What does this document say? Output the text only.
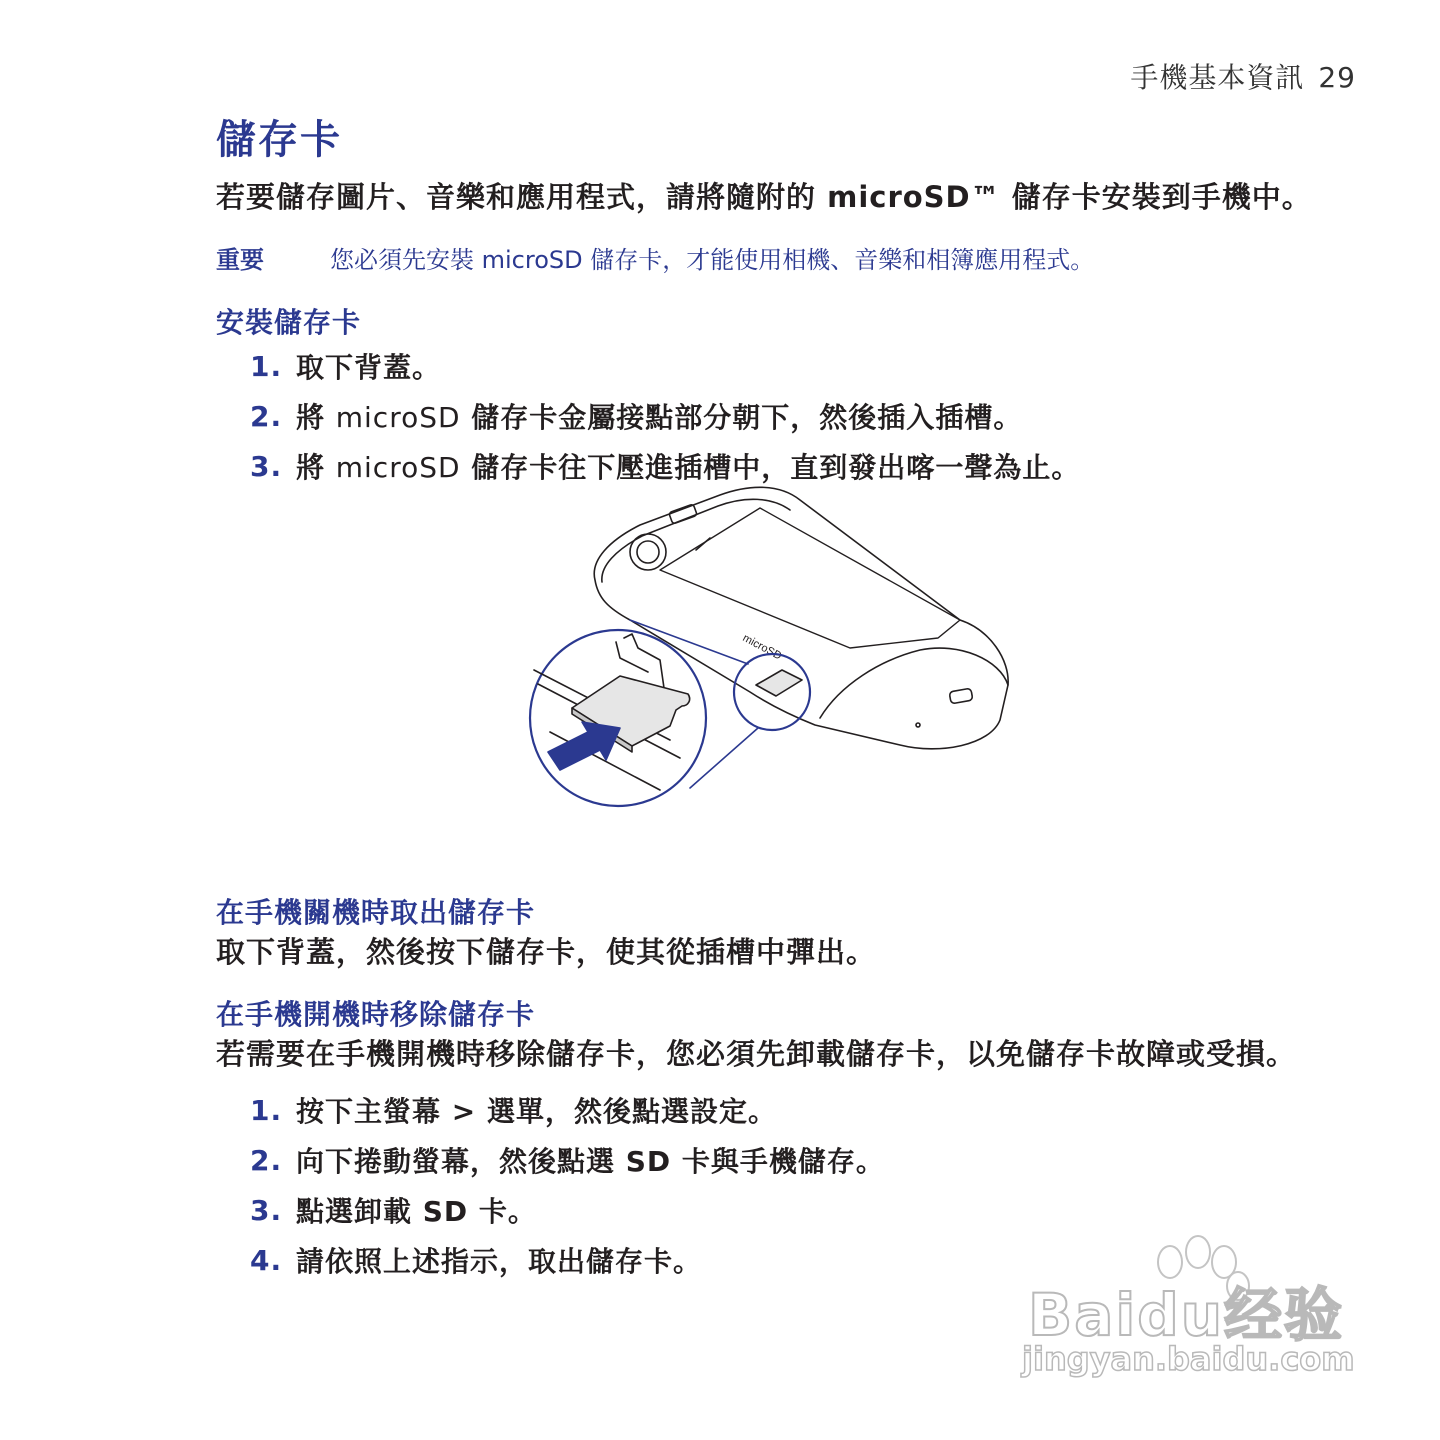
手機基本資訊 29
儲存卡

若要儲存圖片、音樂和應用程式，請將隨附的 microSD™ 儲存卡安裝到手機中。

重要	您必須先安裝 microSD 儲存卡，才能使用相機、音樂和相簿應用程式。
安裝儲存卡
1. 取下背蓋。
2. 將 microSD 儲存卡金屬接點部分朝下，然後插入插槽。
3. 將 microSD 儲存卡往下壓進插槽中，直到發出喀一聲為止。
在手機關機時取出儲存卡

取下背蓋，然後按下儲存卡，使其從插槽中彈出。

在手機開機時移除儲存卡

若需要在手機開機時移除儲存卡，您必須先卸載儲存卡，以免儲存卡故障或受損。

1. 按下主螢幕 > 選單，然後點選設定。
2. 向下捲動螢幕，然後點選 SD 卡與手機儲存。
3. 點選卸載 SD 卡。
4. 請依照上述指示，取出儲存卡。
microSD
Baidu经验
jingyan.baidu.com
